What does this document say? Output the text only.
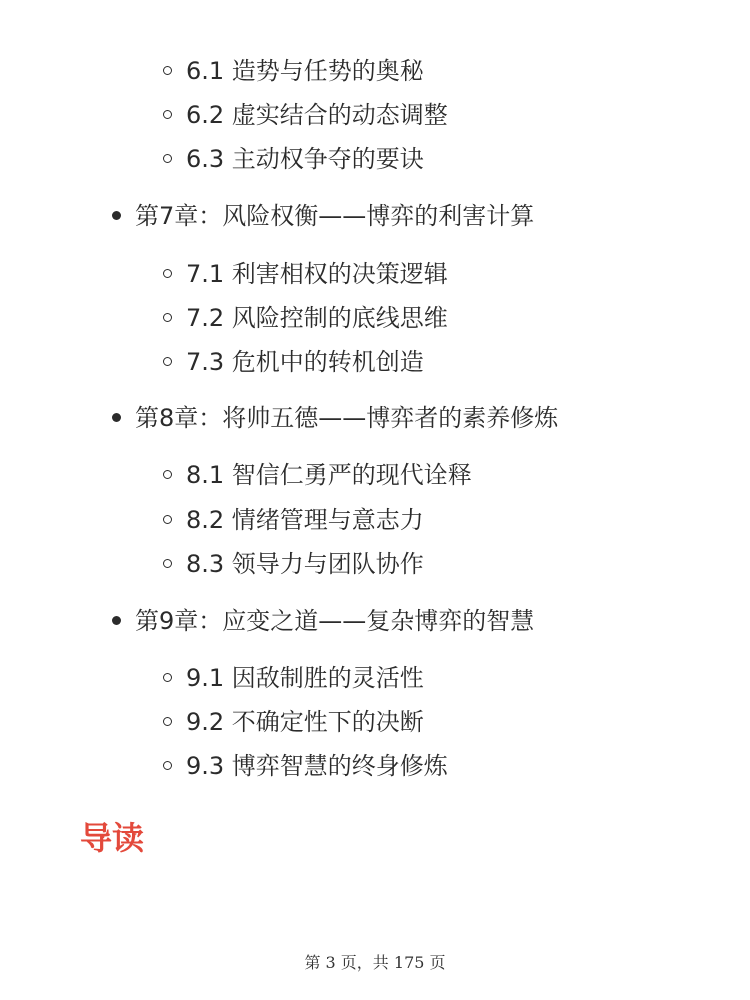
6.1 造势与任势的奥秘
6.2 虚实结合的动态调整
6.3 主动权争夺的要诀
第7章：风险权衡——博弈的利害计算
7.1 利害相权的决策逻辑
7.2 风险控制的底线思维
7.3 危机中的转机创造
第8章：将帅五德——博弈者的素养修炼
8.1 智信仁勇严的现代诠释
8.2 情绪管理与意志力
8.3 领导力与团队协作
第9章：应变之道——复杂博弈的智慧
9.1 因敌制胜的灵活性
9.2 不确定性下的决断
9.3 博弈智慧的终身修炼
导读
第 3 页，共 175 页
